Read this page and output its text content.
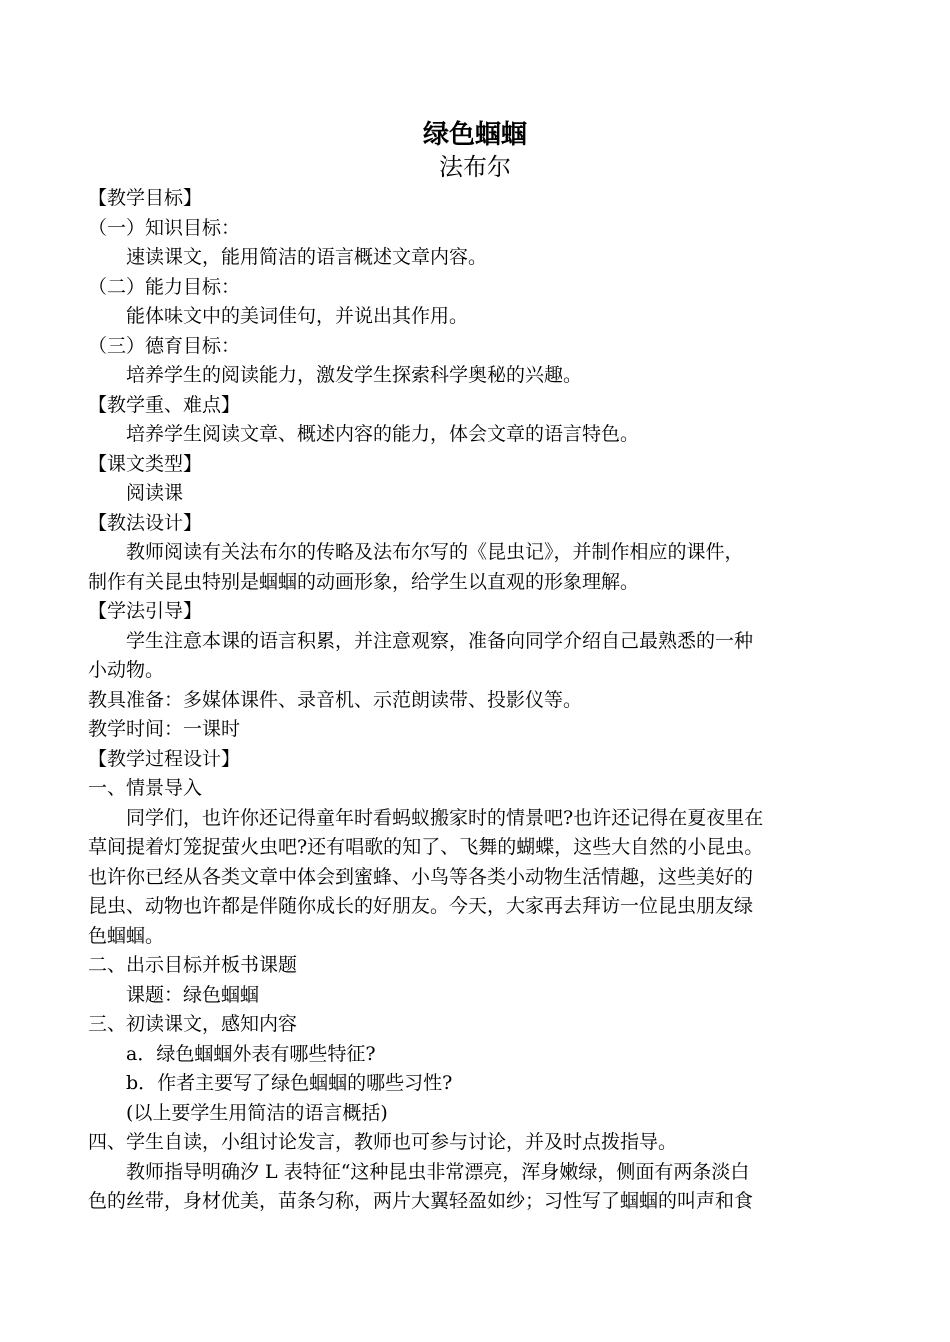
绿色蝈蝈
法布尔
【教学目标】
（一）知识目标：
速读课文，能用简洁的语言概述文章内容。
（二）能力目标：
能体味文中的美词佳句，并说出其作用。
（三）德育目标：
培养学生的阅读能力，激发学生探索科学奥秘的兴趣。
【教学重、难点】
培养学生阅读文章、概述内容的能力，体会文章的语言特色。
【课文类型】
阅读课
【教法设计】
教师阅读有关法布尔的传略及法布尔写的《昆虫记》，并制作相应的课件，
制作有关昆虫特别是蝈蝈的动画形象，给学生以直观的形象理解。
【学法引导】
学生注意本课的语言积累，并注意观察，准备向同学介绍自己最熟悉的一种
小动物。
教具准备：多媒体课件、录音机、示范朗读带、投影仪等。
教学时间：一课时
【教学过程设计】
一、情景导入
同学们，也许你还记得童年时看蚂蚁搬家时的情景吧?也许还记得在夏夜里在
草间提着灯笼捉萤火虫吧?还有唱歌的知了、飞舞的蝴蝶，这些大自然的小昆虫。
也许你已经从各类文章中体会到蜜蜂、小鸟等各类小动物生活情趣，这些美好的
昆虫、动物也许都是伴随你成长的好朋友。今天，大家再去拜访一位昆虫朋友绿
色蝈蝈。
二、出示目标并板书课题
课题：绿色蝈蝈
三、初读课文，感知内容
a．绿色蝈蝈外表有哪些特征?
b．作者主要写了绿色蝈蝈的哪些习性?
(以上要学生用简洁的语言概括)
四、学生自读，小组讨论发言，教师也可参与讨论，并及时点拨指导。
教师指导明确汐 L 表特征“这种昆虫非常漂亮，浑身嫩绿，侧面有两条淡白
色的丝带，身材优美，苗条匀称，两片大翼轻盈如纱；习性写了蝈蝈的叫声和食
